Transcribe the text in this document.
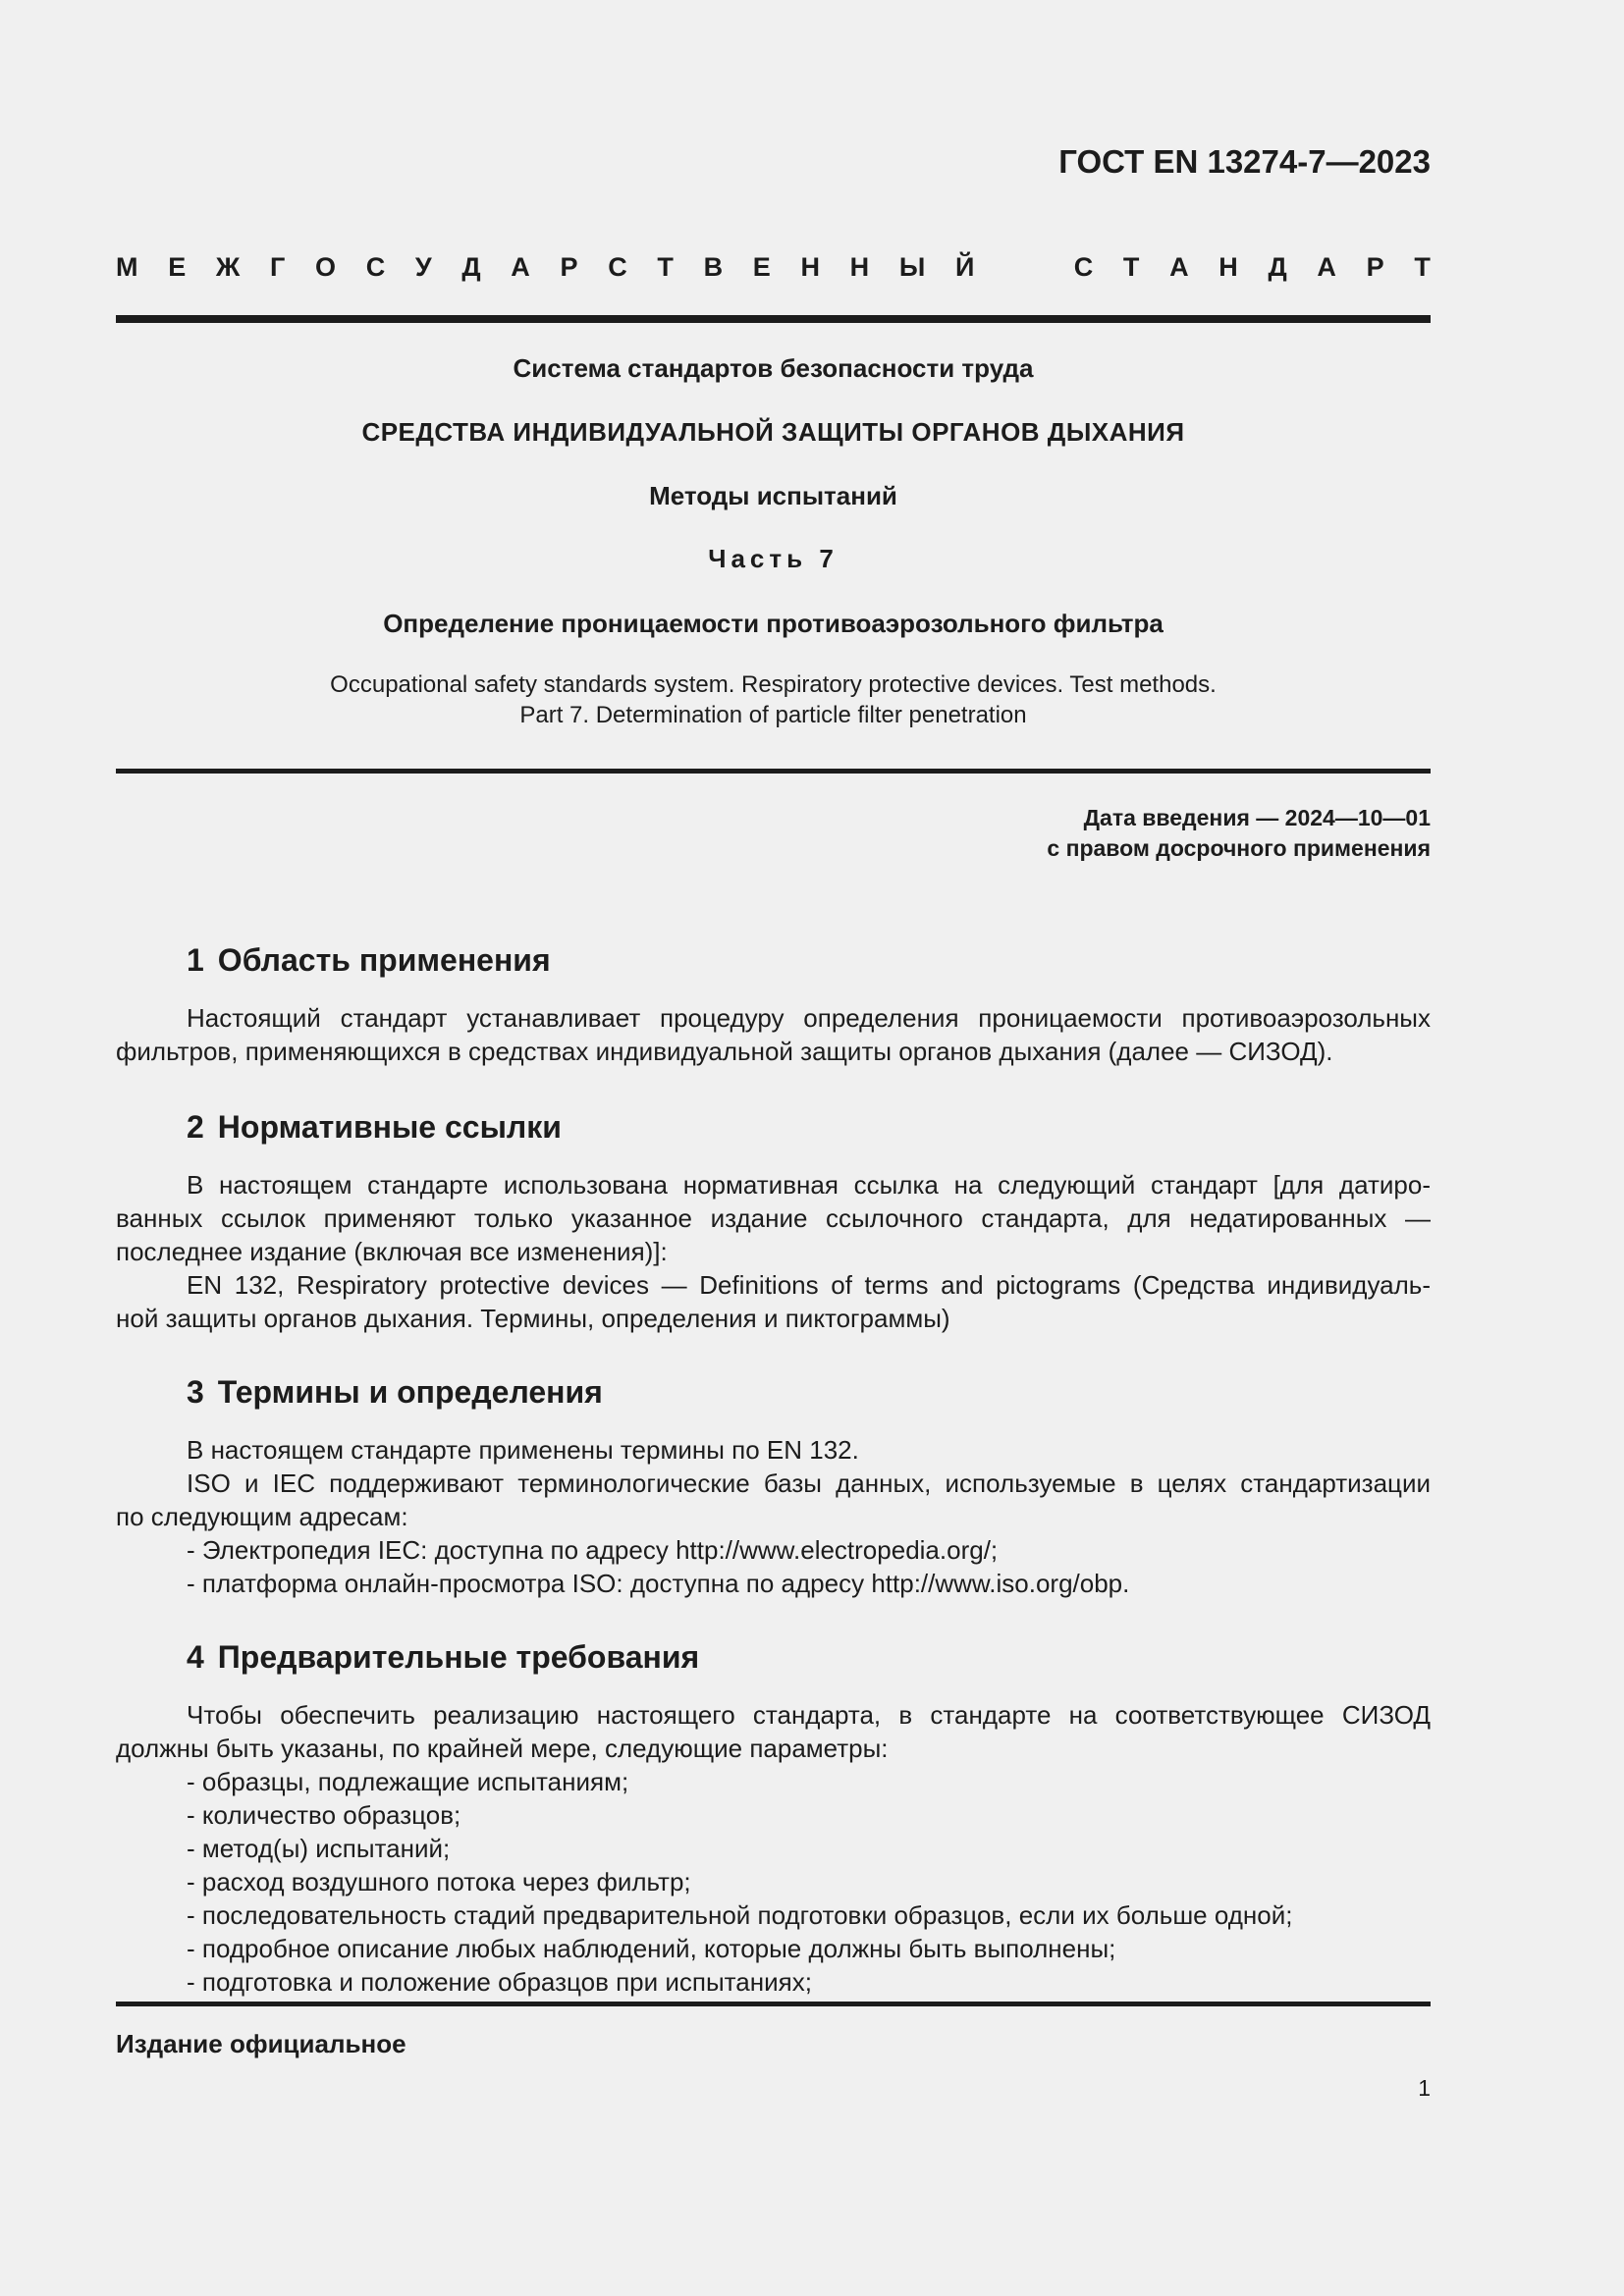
ГОСТ EN 13274-7—2023
М Е Ж Г О С У Д А Р С Т В Е Н Н Ы Й	С Т А Н Д А Р Т
Система стандартов безопасности труда
СРЕДСТВА ИНДИВИДУАЛЬНОЙ ЗАЩИТЫ ОРГАНОВ ДЫХАНИЯ
Методы испытаний
Часть 7
Определение проницаемости противоаэрозольного фильтра
Occupational safety standards system. Respiratory protective devices. Test methods.
Part 7. Determination of particle filter penetration
Дата введения — 2024—10—01
с правом досрочного применения
1 Область применения
Настоящий стандарт устанавливает процедуру определения проницаемости противоаэрозольных
фильтров, применяющихся в средствах индивидуальной защиты органов дыхания (далее — СИЗОД).
2 Нормативные ссылки
В настоящем стандарте использована нормативная ссылка на следующий стандарт [для датиро-
ванных ссылок применяют только указанное издание ссылочного стандарта, для недатированных —
последнее издание (включая все изменения)]:
EN 132, Respiratory protective devices — Definitions of terms and pictograms (Средства индивидуаль-
ной защиты органов дыхания. Термины, определения и пиктограммы)
3 Термины и определения
В настоящем стандарте применены термины по EN 132.
ISO и IEC поддерживают терминологические базы данных, используемые в целях стандартизации
по следующим адресам:
- Электропедия IEC: доступна по адресу http://www.electropedia.org/;
- платформа онлайн-просмотра ISO: доступна по адресу http://www.iso.org/obp.
4 Предварительные требования
Чтобы обеспечить реализацию настоящего стандарта, в стандарте на соответствующее СИЗОД
должны быть указаны, по крайней мере, следующие параметры:
- образцы, подлежащие испытаниям;
- количество образцов;
- метод(ы) испытаний;
- расход воздушного потока через фильтр;
- последовательность стадий предварительной подготовки образцов, если их больше одной;
- подробное описание любых наблюдений, которые должны быть выполнены;
- подготовка и положение образцов при испытаниях;
Издание официальное
1
